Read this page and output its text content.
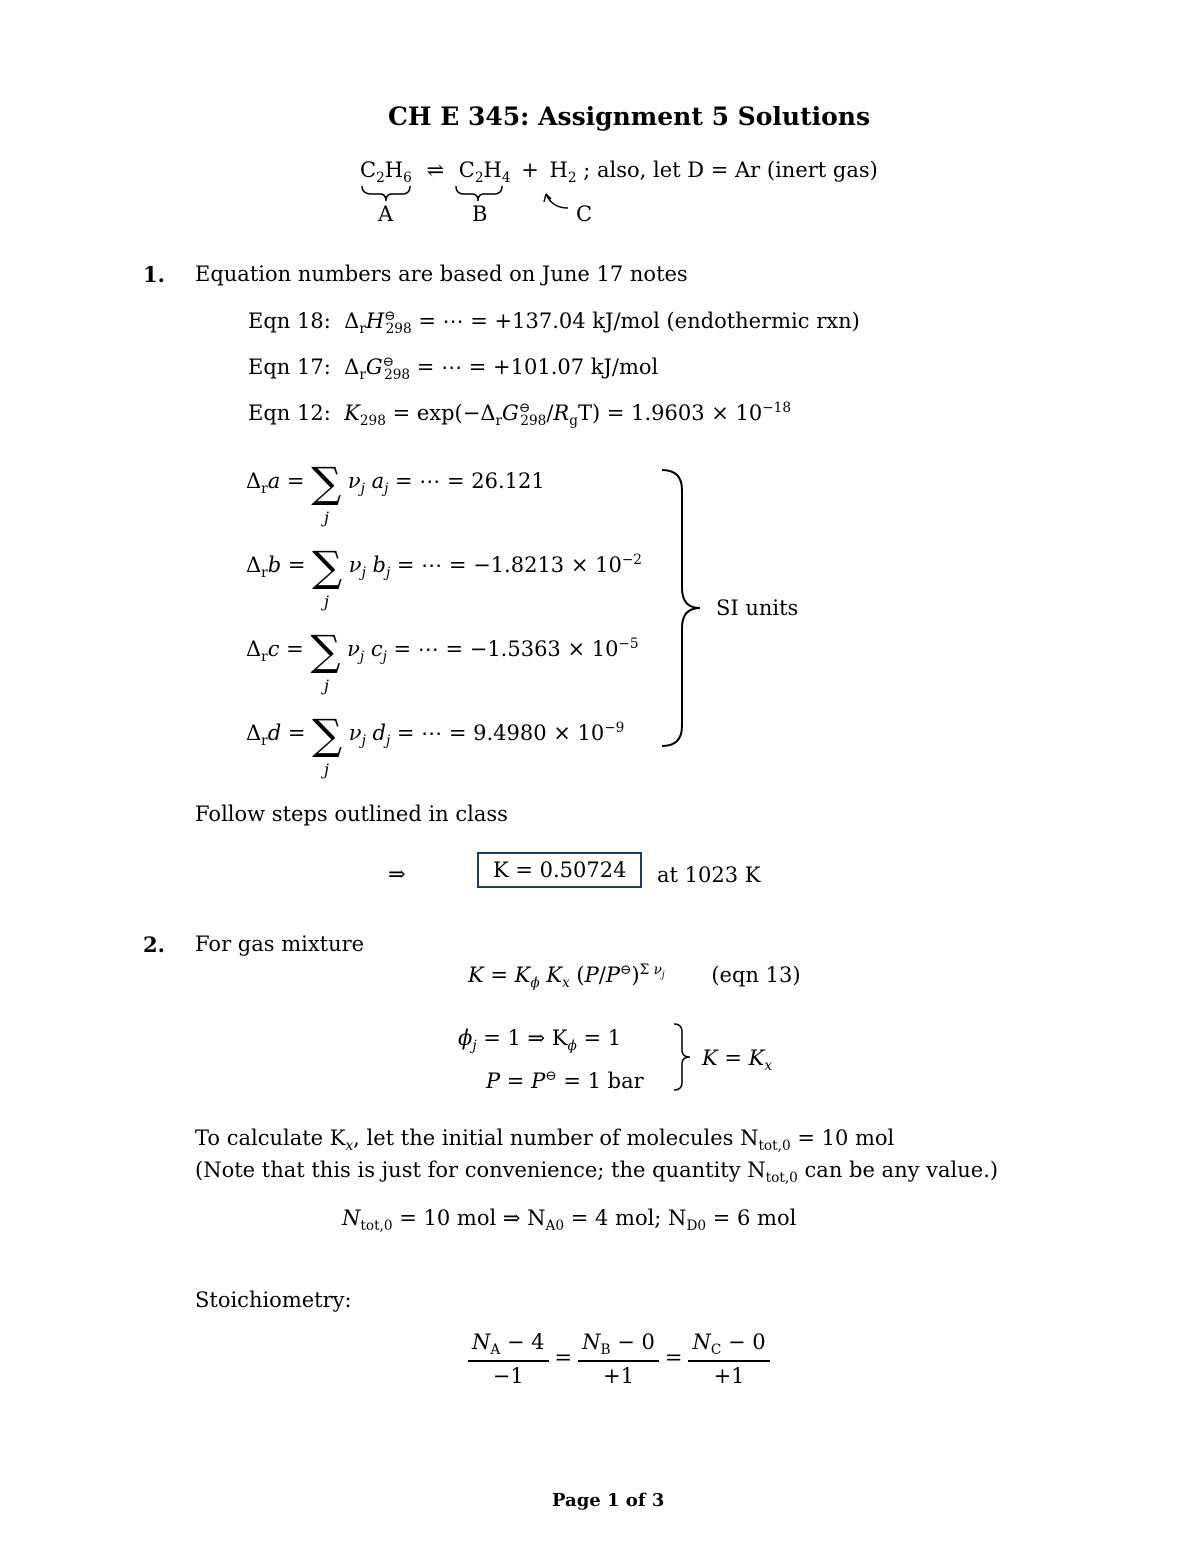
CH E 345: Assignment 5 Solutions
$C_2H_6$ ⇌ $C_2H_4 + H_2$ ; also, let D = Ar (inert gas)
A	B	C
1. Equation numbers are based on June 17 notes
Eqn 18:  $\Delta_rH^⊖_{298}$ = ⋯ = +137.04 kJ/mol (endothermic rxn)
Eqn 17:  $\Delta_rG^⊖_{298}$ = ⋯ = +101.07 kJ/mol
Eqn 12: $K_{298} = \exp(-\Delta_rG^⊖_{298}/R_gT) = 1.9603 \times 10^{-18}$
$\Delta_ra$ = ∑ $\nu_j$ $a_j$ = ⋯ = 26.121
j
$\Delta_rb$ = ∑ $\nu_j$ $b_j$ = ⋯ = $-1.8213 \times 10^{-2}$
j
$\Delta_rc$ = ∑ $\nu_j$ $c_j$ = ⋯ = $-1.5363 \times 10^{-5}$
j
$\Delta_rd$ = ∑ $\nu_j$ $d_j$ = ⋯ = $9.4980 \times 10^{-9}$
j
SI units
Follow steps outlined in class
⇒	K = 0.50724	at 1023 K
2. For gas mixture
$K = K_\phi$ $K_x$ $(P/P^⊖)^{\Sigma \nu_j}$ (eqn 13)
$\phi_j = 1$ ⇒ $K_\phi = 1$
P = P⊖ = 1 bar
$K = K_x$
To calculate $K_x$, let the initial number of molecules $N_{tot,0} = 10$ mol
(Note that this is just for convenience; the quantity $N_{tot,0}$ can be any value.)
$N_{tot,0} = 10$ mol ⇒ $N_{A0} = 4$ mol; $N_{D0} = 6$ mol
Stoichiometry:
$\frac{N_A - 4}{-1} = \frac{N_B - 0}{+1} = \frac{N_C - 0}{+1}$
Page 1 of 3
